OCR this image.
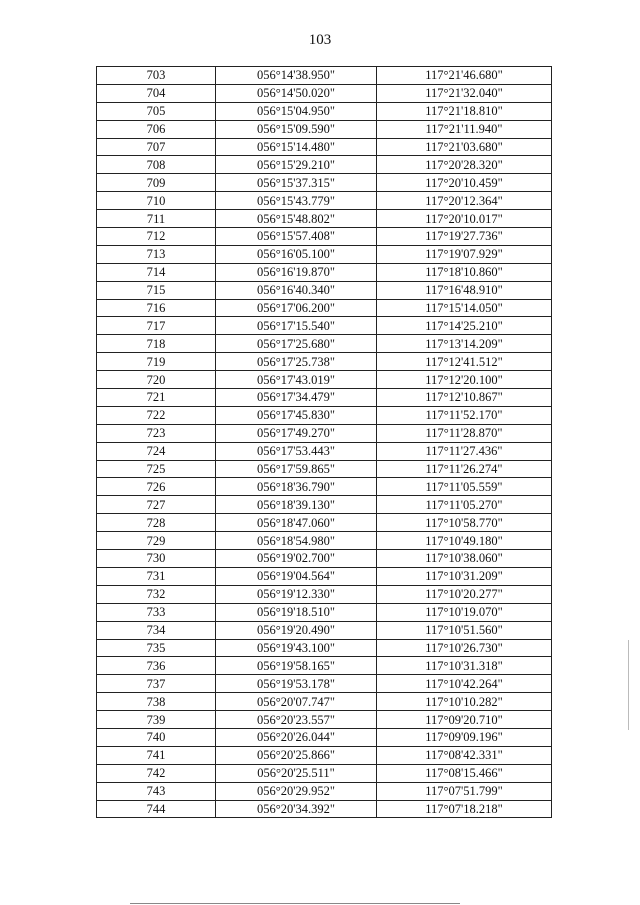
103
703	056°14'38.950"	117°21'46.680"
704	056°14'50.020"	117°21'32.040"
705	056°15'04.950"	117°21'18.810"
706	056°15'09.590"	117°21'11.940"
707	056°15'14.480"	117°21'03.680"
708	056°15'29.210"	117°20'28.320"
709	056°15'37.315"	117°20'10.459"
710	056°15'43.779"	117°20'12.364"
711	056°15'48.802"	117°20'10.017"
712	056°15'57.408"	117°19'27.736"
713	056°16'05.100"	117°19'07.929"
714	056°16'19.870"	117°18'10.860"
715	056°16'40.340"	117°16'48.910"
716	056°17'06.200"	117°15'14.050"
717	056°17'15.540"	117°14'25.210"
718	056°17'25.680"	117°13'14.209"
719	056°17'25.738"	117°12'41.512"
720	056°17'43.019"	117°12'20.100"
721	056°17'34.479"	117°12'10.867"
722	056°17'45.830"	117°11'52.170"
723	056°17'49.270"	117°11'28.870"
724	056°17'53.443"	117°11'27.436"
725	056°17'59.865"	117°11'26.274"
726	056°18'36.790"	117°11'05.559"
727	056°18'39.130"	117°11'05.270"
728	056°18'47.060"	117°10'58.770"
729	056°18'54.980"	117°10'49.180"
730	056°19'02.700"	117°10'38.060"
731	056°19'04.564"	117°10'31.209"
732	056°19'12.330"	117°10'20.277"
733	056°19'18.510"	117°10'19.070"
734	056°19'20.490"	117°10'51.560"
735	056°19'43.100"	117°10'26.730"
736	056°19'58.165"	117°10'31.318"
737	056°19'53.178"	117°10'42.264"
738	056°20'07.747"	117°10'10.282"
739	056°20'23.557"	117°09'20.710"
740	056°20'26.044"	117°09'09.196"
741	056°20'25.866"	117°08'42.331"
742	056°20'25.511"	117°08'15.466"
743	056°20'29.952"	117°07'51.799"
744	056°20'34.392"	117°07'18.218"
